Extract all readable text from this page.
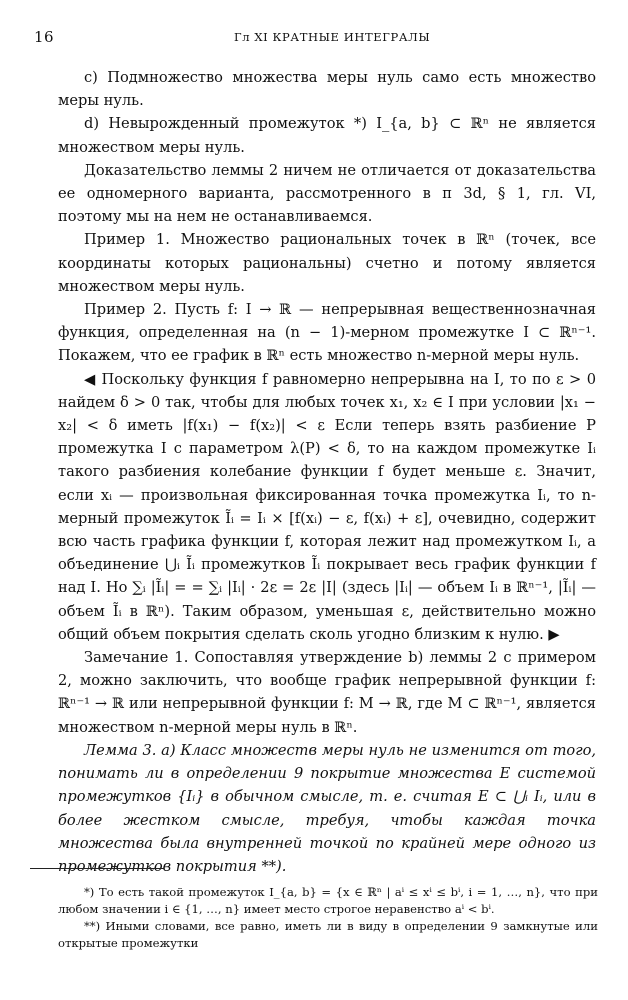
16	Гл XI КРАТНЫЕ ИНТЕГРАЛЫ

c) Подмножество множества меры нуль само есть множество меры нуль.

d) Невырожденный промежуток *) I_{a, b} ⊂ ℝⁿ не является множеством меры нуль.

Доказательство леммы 2 ничем не отличается от доказательства ее одномерного варианта, рассмотренного в п 3d, § 1, гл. VI, поэтому мы на нем не останавливаемся.

Пример 1. Множество рациональных точек в ℝⁿ (точек, все координаты которых рациональны) счетно и потому является множеством меры нуль.

Пример 2. Пусть f: I → ℝ — непрерывная вещественнозначная функция, определенная на (n − 1)-мерном промежутке I ⊂ ℝⁿ⁻¹. Покажем, что ее график в ℝⁿ есть множество n-мерной меры нуль.

◀ Поскольку функция f равномерно непрерывна на I, то по ε > 0 найдем δ > 0 так, чтобы для любых точек x₁, x₂ ∈ I при условии |x₁ − x₂| < δ иметь |f(x₁) − f(x₂)| < ε Если теперь взять разбиение P промежутка I с параметром λ(P) < δ, то на каждом промежутке Iᵢ такого разбиения колебание функции f будет меньше ε. Значит, если xᵢ — произвольная фиксированная точка промежутка Iᵢ, то n-мерный промежуток Ĩᵢ = Iᵢ × [f(xᵢ) − ε, f(xᵢ) + ε], очевидно, содержит всю часть графика функции f, которая лежит над промежутком Iᵢ, а объединение ⋃ᵢ Ĩᵢ промежутков Ĩᵢ покрывает весь график функции f над I. Но ∑ᵢ |Ĩᵢ| = = ∑ᵢ |Iᵢ| · 2ε = 2ε |I| (здесь |Iᵢ| — объем Iᵢ в ℝⁿ⁻¹, |Ĩᵢ| — объем Ĩᵢ в ℝⁿ). Таким образом, уменьшая ε, действительно можно общий объем покрытия сделать сколь угодно близким к нулю. ▶

Замечание 1. Сопоставляя утверждение b) леммы 2 с примером 2, можно заключить, что вообще график непрерывной функции f: ℝⁿ⁻¹ → ℝ или непрерывной функции f: M → ℝ, где M ⊂ ℝⁿ⁻¹, является множеством n-мерной меры нуль в ℝⁿ.

Лемма 3. а) Класс множеств меры нуль не изменится от того, понимать ли в определении 9 покрытие множества E системой промежутков {Iᵢ} в обычном смысле, т. е. считая E ⊂ ⋃ᵢ Iᵢ, или в более жестком смысле, требуя, чтобы каждая точка множества была внутренней точкой по крайней мере одного из промежутков покрытия **).

*) То есть такой промежуток I_{a, b} = {x ∈ ℝⁿ | aⁱ ≤ xⁱ ≤ bⁱ, i = 1, …, n}, что при любом значении i ∈ {1, …, n} имеет место строгое неравенство aⁱ < bⁱ.

**) Иными словами, все равно, иметь ли в виду в определении 9 замкнутые или открытые промежутки
